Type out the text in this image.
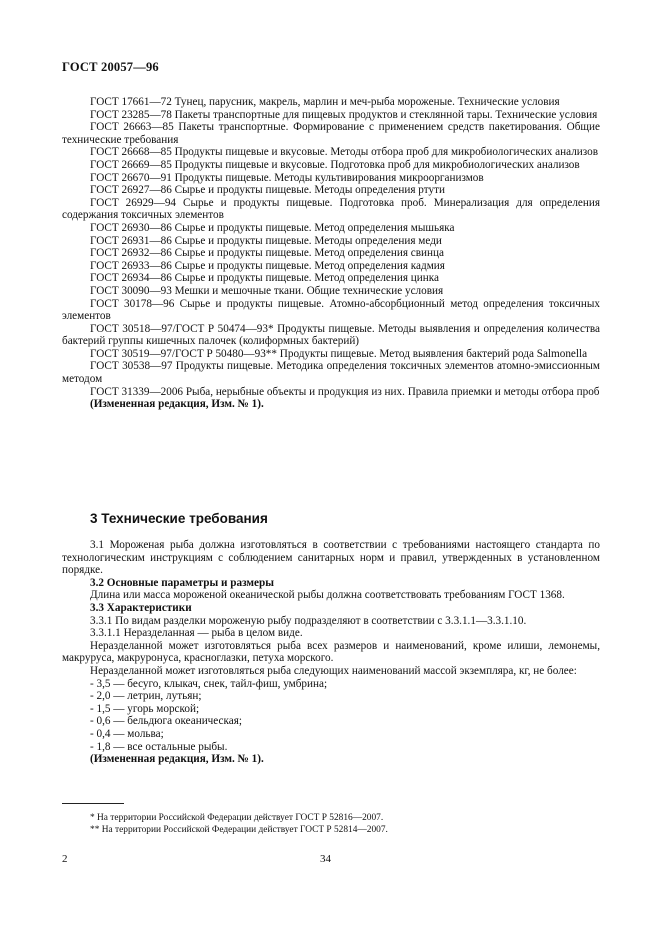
ГОСТ 20057—96

ГОСТ 17661—72 Тунец, парусник, макрель, марлин и меч-рыба мороженые. Технические условия

ГОСТ 23285—78 Пакеты транспортные для пищевых продуктов и стеклянной тары. Технические условия

ГОСТ 26663—85 Пакеты транспортные. Формирование с применением средств пакетирования. Общие технические требования

ГОСТ 26668—85 Продукты пищевые и вкусовые. Методы отбора проб для микробиологических анализов

ГОСТ 26669—85 Продукты пищевые и вкусовые. Подготовка проб для микробиологических анализов

ГОСТ 26670—91 Продукты пищевые. Методы культивирования микроорганизмов

ГОСТ 26927—86 Сырье и продукты пищевые. Методы определения ртути

ГОСТ 26929—94 Сырье и продукты пищевые. Подготовка проб. Минерализация для определения содержания токсичных элементов

ГОСТ 26930—86 Сырье и продукты пищевые. Метод определения мышьяка

ГОСТ 26931—86 Сырье и продукты пищевые. Методы определения меди

ГОСТ 26932—86 Сырье и продукты пищевые. Метод определения свинца

ГОСТ 26933—86 Сырье и продукты пищевые. Метод определения кадмия

ГОСТ 26934—86 Сырье и продукты пищевые. Метод определения цинка

ГОСТ 30090—93 Мешки и мешочные ткани. Общие технические условия

ГОСТ 30178—96 Сырье и продукты пищевые. Атомно-абсорбционный метод определения токсичных элементов

ГОСТ 30518—97/ГОСТ Р 50474—93* Продукты пищевые. Методы выявления и определения количества бактерий группы кишечных палочек (колиформных бактерий)

ГОСТ 30519—97/ГОСТ Р 50480—93** Продукты пищевые. Метод выявления бактерий рода Salmonella

ГОСТ 30538—97 Продукты пищевые. Методика определения токсичных элементов атомно-эмиссионным методом

ГОСТ 31339—2006 Рыба, нерыбные объекты и продукция из них. Правила приемки и методы отбора проб

(Измененная редакция, Изм. № 1).

3 Технические требования

3.1 Мороженая рыба должна изготовляться в соответствии с требованиями настоящего стандарта по технологическим инструкциям с соблюдением санитарных норм и правил, утвержденных в установленном порядке.

3.2 Основные параметры и размеры

Длина или масса мороженой океанической рыбы должна соответствовать требованиям ГОСТ 1368.

3.3 Характеристики

3.3.1 По видам разделки мороженую рыбу подразделяют в соответствии с 3.3.1.1—3.3.1.10.

3.3.1.1 Неразделанная — рыба в целом виде.

Неразделанной может изготовляться рыба всех размеров и наименований, кроме илиши, лемонемы, макруруса, макруронуса, красноглазки, петуха морского.

Неразделанной может изготовляться рыба следующих наименований массой экземпляра, кг, не более:

- 3,5 — бесуго, клыкач, снек, тайл-фиш, умбрина;

- 2,0 — летрин, лутьян;

- 1,5 — угорь морской;

- 0,6 — бельдюга океаническая;

- 0,4 — мольва;

- 1,8 — все остальные рыбы.

(Измененная редакция, Изм. № 1).

* На территории Российской Федерации действует ГОСТ Р 52816—2007.

** На территории Российской Федерации действует ГОСТ Р 52814—2007.

2	34
